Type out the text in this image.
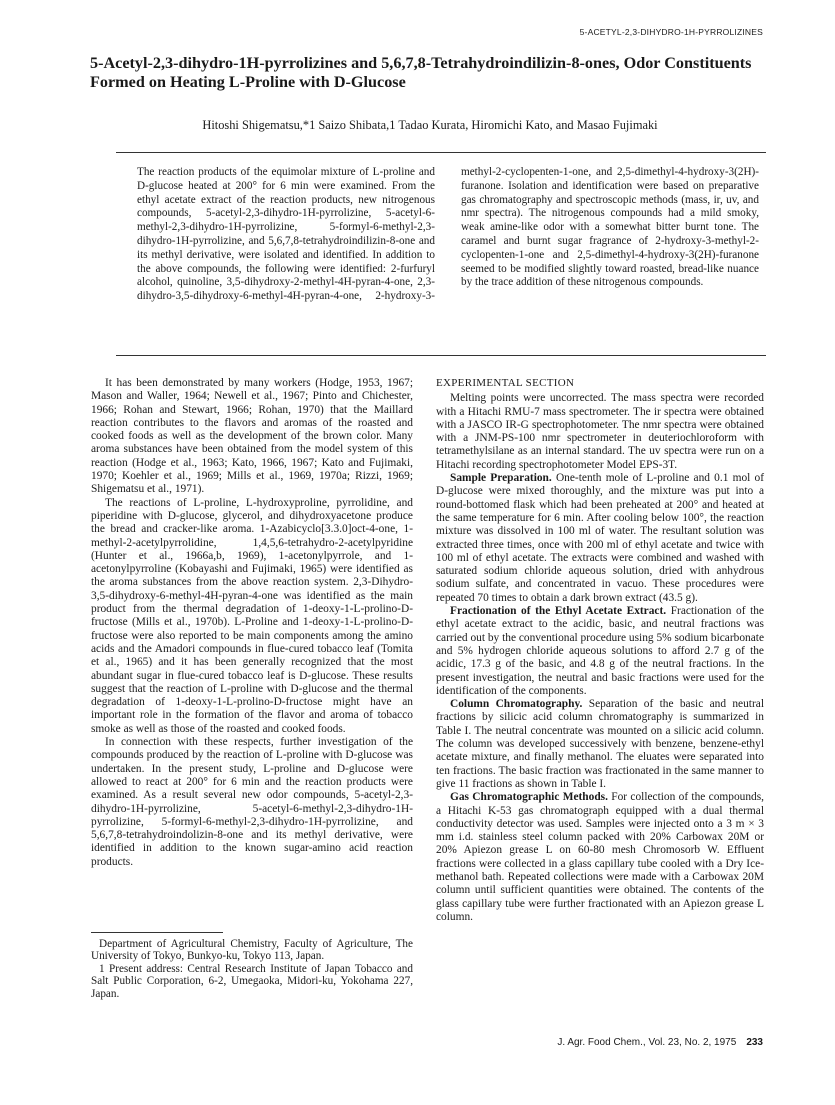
5-ACETYL-2,3-DIHYDRO-1H-PYRROLIZINES
5-Acetyl-2,3-dihydro-1H-pyrrolizines and 5,6,7,8-Tetrahydroindilizin-8-ones, Odor Constituents Formed on Heating L-Proline with D-Glucose
Hitoshi Shigematsu,*1 Saizo Shibata,1 Tadao Kurata, Hiromichi Kato, and Masao Fujimaki

The reaction products of the equimolar mixture of L-proline and D-glucose heated at 200° for 6 min were examined. From the ethyl acetate extract of the reaction products, new nitrogenous compounds, 5-acetyl-2,3-dihydro-1H-pyrrolizine, 5-acetyl-6-methyl-2,3-dihydro-1H-pyrrolizine, 5-formyl-6-methyl-2,3-dihydro-1H-pyrrolizine, and 5,6,7,8-tetrahydroindilizin-8-one and its methyl derivative, were isolated and identified. In addition to the above compounds, the following were identified: 2-furfuryl alcohol, quinoline, 3,5-dihydroxy-2-methyl-4H-pyran-4-one, 2,3-dihydro-3,5-dihydroxy-6-methyl-4H-pyran-4-one, 2-hydroxy-3-methyl-2-cyclopenten-1-one, and 2,5-dimethyl-4-hydroxy-3(2H)-furanone. Isolation and identification were based on preparative gas chromatography and spectroscopic methods (mass, ir, uv, and nmr spectra). The nitrogenous compounds had a mild smoky, weak amine-like odor with a somewhat bitter burnt tone. The caramel and burnt sugar fragrance of 2-hydroxy-3-methyl-2-cyclopenten-1-one and 2,5-dimethyl-4-hydroxy-3(2H)-furanone seemed to be modified slightly toward roasted, bread-like nuance by the trace addition of these nitrogenous compounds.

It has been demonstrated by many workers (Hodge, 1953, 1967; Mason and Waller, 1964; Newell et al., 1967; Pinto and Chichester, 1966; Rohan and Stewart, 1966; Rohan, 1970) that the Maillard reaction contributes to the flavors and aromas of the roasted and cooked foods as well as the development of the brown color. Many aroma substances have been obtained from the model system of this reaction (Hodge et al., 1963; Kato, 1966, 1967; Kato and Fujimaki, 1970; Koehler et al., 1969; Mills et al., 1969, 1970a; Rizzi, 1969; Shigematsu et al., 1971).

The reactions of L-proline, L-hydroxyproline, pyrrolidine, and piperidine with D-glucose, glycerol, and dihydroxyacetone produce the bread and cracker-like aroma. 1-Azabicyclo[3.3.0]oct-4-one, 1-methyl-2-acetylpyrrolidine, 1,4,5,6-tetrahydro-2-acetylpyridine (Hunter et al., 1966a,b, 1969), 1-acetonylpyrrole, and 1-acetonylpyrroline (Kobayashi and Fujimaki, 1965) were identified as the aroma substances from the above reaction system. 2,3-Dihydro-3,5-dihydroxy-6-methyl-4H-pyran-4-one was identified as the main product from the thermal degradation of 1-deoxy-1-L-prolino-D-fructose (Mills et al., 1970b). L-Proline and 1-deoxy-1-L-prolino-D-fructose were also reported to be main components among the amino acids and the Amadori compounds in flue-cured tobacco leaf (Tomita et al., 1965) and it has been generally recognized that the most abundant sugar in flue-cured tobacco leaf is D-glucose. These results suggest that the reaction of L-proline with D-glucose and the thermal degradation of 1-deoxy-1-L-prolino-D-fructose might have an important role in the formation of the flavor and aroma of tobacco smoke as well as those of the roasted and cooked foods.

In connection with these respects, further investigation of the compounds produced by the reaction of L-proline with D-glucose was undertaken. In the present study, L-proline and D-glucose were allowed to react at 200° for 6 min and the reaction products were examined. As a result several new odor compounds, 5-acetyl-2,3-dihydro-1H-pyrrolizine, 5-acetyl-6-methyl-2,3-dihydro-1H-pyrrolizine, 5-formyl-6-methyl-2,3-dihydro-1H-pyrrolizine, and 5,6,7,8-tetrahydroindolizin-8-one and its methyl derivative, were identified in addition to the known sugar-amino acid reaction products.

Department of Agricultural Chemistry, Faculty of Agriculture, The University of Tokyo, Bunkyo-ku, Tokyo 113, Japan.

1 Present address: Central Research Institute of Japan Tobacco and Salt Public Corporation, 6-2, Umegaoka, Midori-ku, Yokohama 227, Japan.

EXPERIMENTAL SECTION

Melting points were uncorrected. The mass spectra were recorded with a Hitachi RMU-7 mass spectrometer. The ir spectra were obtained with a JASCO IR-G spectrophotometer. The nmr spectra were obtained with a JNM-PS-100 nmr spectrometer in deuteriochloroform with tetramethylsilane as an internal standard. The uv spectra were run on a Hitachi recording spectrophotometer Model EPS-3T.

Sample Preparation. One-tenth mole of L-proline and 0.1 mol of D-glucose were mixed thoroughly, and the mixture was put into a round-bottomed flask which had been preheated at 200° and heated at the same temperature for 6 min. After cooling below 100°, the reaction mixture was dissolved in 100 ml of water. The resultant solution was extracted three times, once with 200 ml of ethyl acetate and twice with 100 ml of ethyl acetate. The extracts were combined and washed with saturated sodium chloride aqueous solution, dried with anhydrous sodium sulfate, and concentrated in vacuo. These procedures were repeated 70 times to obtain a dark brown extract (43.5 g).

Fractionation of the Ethyl Acetate Extract. Fractionation of the ethyl acetate extract to the acidic, basic, and neutral fractions was carried out by the conventional procedure using 5% sodium bicarbonate and 5% hydrogen chloride aqueous solutions to afford 2.7 g of the acidic, 17.3 g of the basic, and 4.8 g of the neutral fractions. In the present investigation, the neutral and basic fractions were used for the identification of the components.

Column Chromatography. Separation of the basic and neutral fractions by silicic acid column chromatography is summarized in Table I. The neutral concentrate was mounted on a silicic acid column. The column was developed successively with benzene, benzene-ethyl acetate mixture, and finally methanol. The eluates were separated into ten fractions. The basic fraction was fractionated in the same manner to give 11 fractions as shown in Table I.

Gas Chromatographic Methods. For collection of the compounds, a Hitachi K-53 gas chromatograph equipped with a dual thermal conductivity detector was used. Samples were injected onto a 3 m × 3 mm i.d. stainless steel column packed with 20% Carbowax 20M or 20% Apiezon grease L on 60-80 mesh Chromosorb W. Effluent fractions were collected in a glass capillary tube cooled with a Dry Ice-methanol bath. Repeated collections were made with a Carbowax 20M column until sufficient quantities were obtained. The contents of the glass capillary tube were further fractionated with an Apiezon grease L column.

J. Agr. Food Chem., Vol. 23, No. 2, 1975 233
